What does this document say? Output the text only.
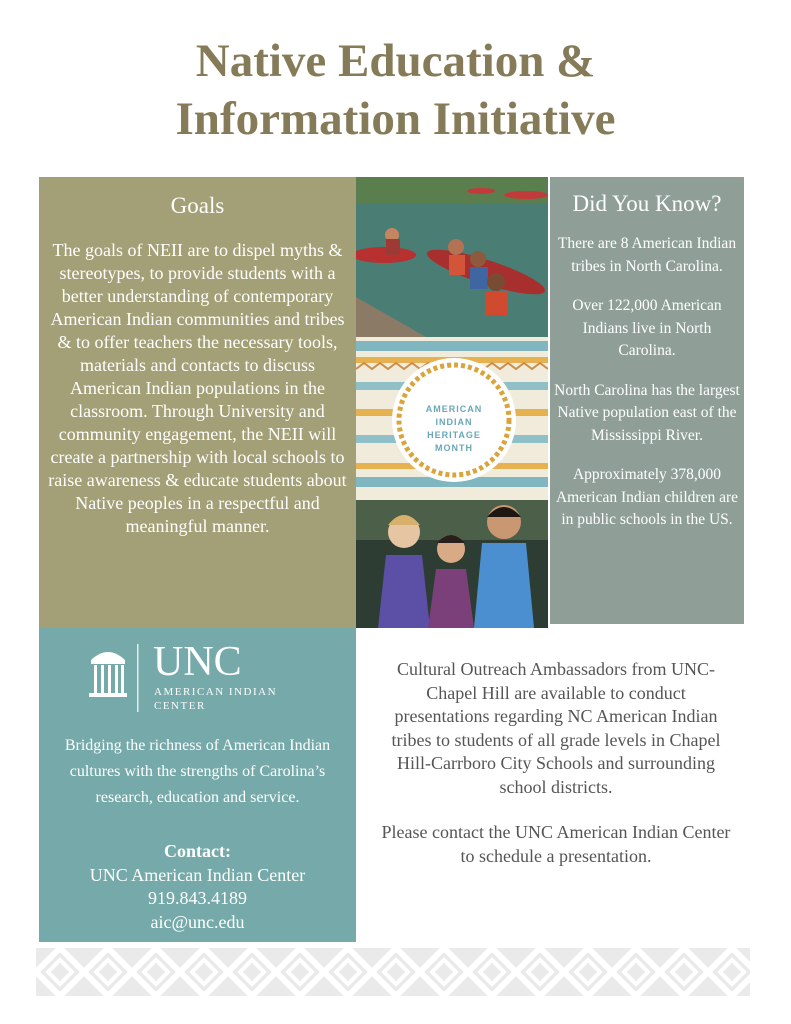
Native Education &
Information Initiative
Goals

The goals of NEII are to dispel myths & stereotypes, to provide students with a better understanding of contemporary American Indian communities and tribes & to offer teachers the necessary tools, materials and contacts to discuss American Indian populations in the classroom. Through University and community engagement, the NEII will create a partnership with local schools to raise awareness & educate students about Native peoples in a respectful and meaningful manner.

AMERICAN
INDIAN
HERITAGE
MONTH
Did You Know?

There are 8 American Indian tribes in North Carolina.

Over 122,000 American Indians live in North Carolina.

North Carolina has the largest Native population east of the Mississippi River.

Approximately 378,000 American Indian children are in public schools in the US.

UNC
AMERICAN INDIAN
CENTER
Bridging the richness of American Indian cultures with the strengths of Carolina’s research, education and service.
Contact:
UNC American Indian Center
919.843.4189
aic@unc.edu

Cultural Outreach Ambassadors from UNC-Chapel Hill are available to conduct presentations regarding NC American Indian tribes to students of all grade levels in Chapel Hill-Carrboro City Schools and surrounding school districts.

Please contact the UNC American Indian Center to schedule a presentation.
